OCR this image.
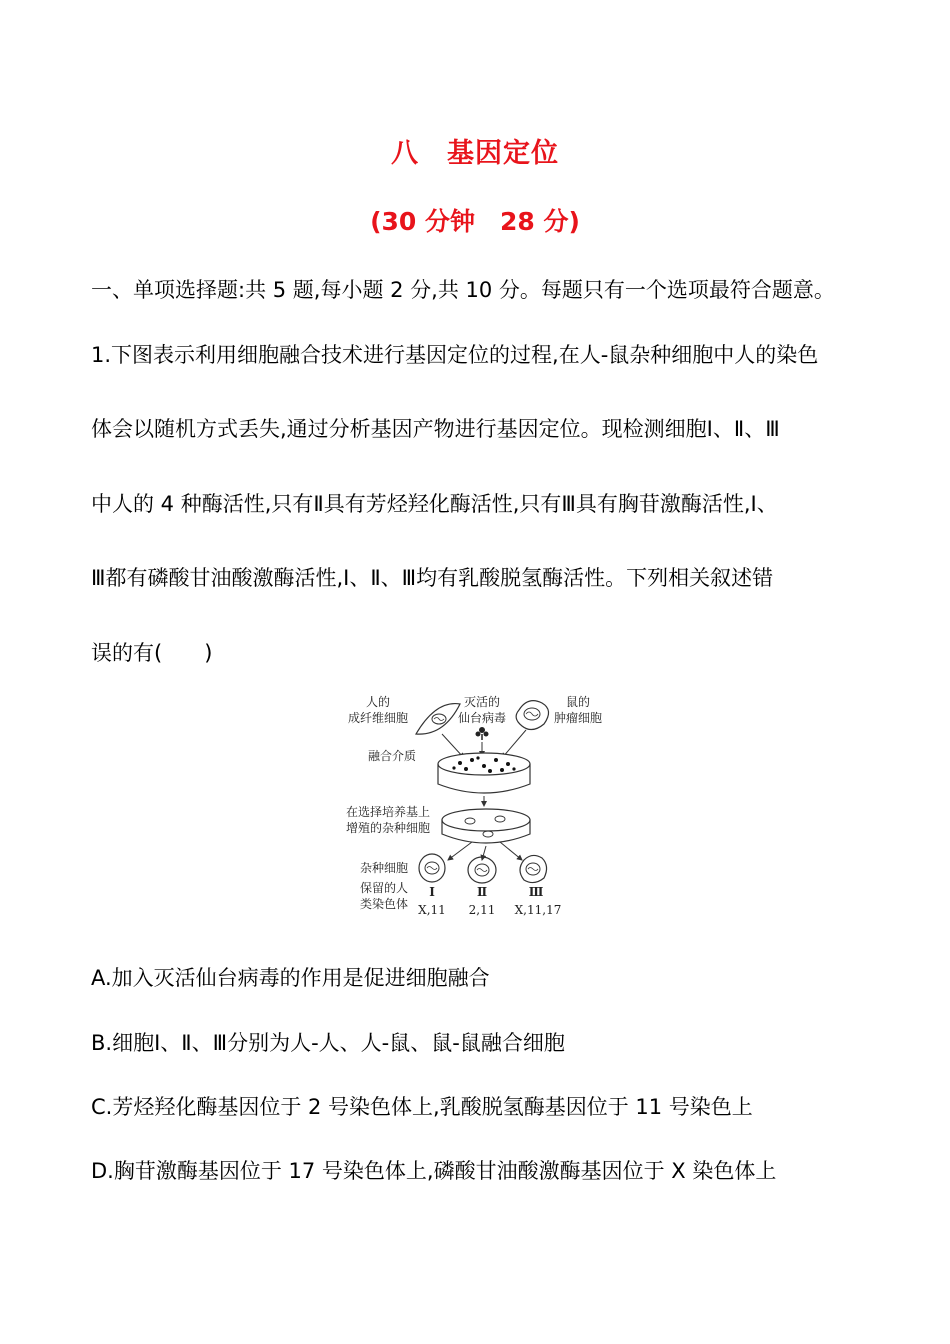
八　基因定位
(30 分钟　28 分)
一、单项选择题:共 5 题,每小题 2 分,共 10 分。每题只有一个选项最符合题意。
1.下图表示利用细胞融合技术进行基因定位的过程,在人-鼠杂种细胞中人的染色
体会以随机方式丢失,通过分析基因产物进行基因定位。现检测细胞Ⅰ、Ⅱ、Ⅲ
中人的 4 种酶活性,只有Ⅱ具有芳烃羟化酶活性,只有Ⅲ具有胸苷激酶活性,Ⅰ、
Ⅲ都有磷酸甘油酸激酶活性,Ⅰ、Ⅱ、Ⅲ均有乳酸脱氢酶活性。下列相关叙述错
误的有(　　)
人的
成纤维细胞
灭活的
仙台病毒
鼠的
肿瘤细胞
融合介质
在选择培养基上
增殖的杂种细胞
杂种细胞
保留的人
类染色体
Ⅰ	Ⅱ	Ⅲ
X,11 2,11 X,11,17
A.加入灭活仙台病毒的作用是促进细胞融合
B.细胞Ⅰ、Ⅱ、Ⅲ分别为人-人、人-鼠、鼠-鼠融合细胞
C.芳烃羟化酶基因位于 2 号染色体上,乳酸脱氢酶基因位于 11 号染色上
D.胸苷激酶基因位于 17 号染色体上,磷酸甘油酸激酶基因位于 X 染色体上
